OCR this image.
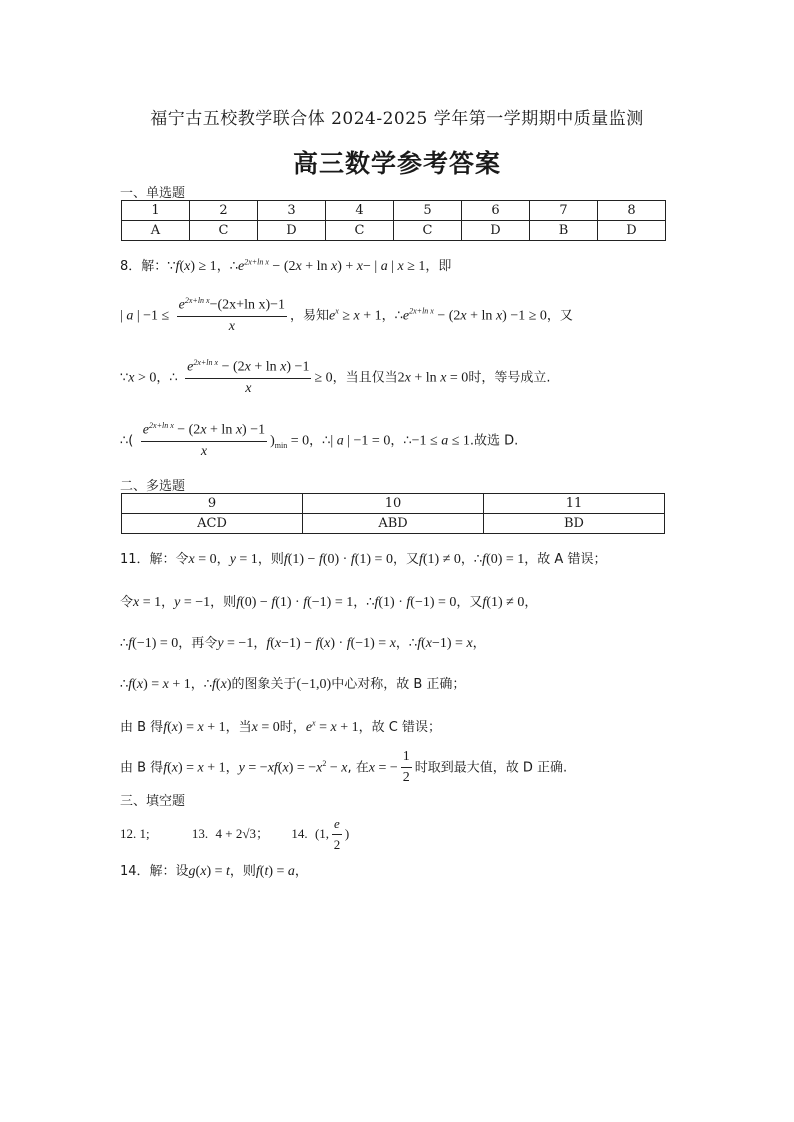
福宁古五校教学联合体 2024-2025 学年第一学期期中质量监测
高三数学参考答案
一、单选题
1	2	3	4	5	6	7	8
A	C	D	C	C	D	B	D
8．解：∵f(x) ≥ 1，$\therefore e^{2x+ln x} - (2x + \ln x) + x-$ | a | x ≥ 1，即
| a | $-1 \le \frac{e^{2x+ln x}-(2x+\ln x)-1}{x}$ ，易知$e^x \ge x + 1$，$\therefore e^{2x+ln x} - (2x + \ln x) -1 \ge 0$，又
∵x > 0，∴ $\frac{e^{2x+ln x} - (2x + \ln x) -1}{x} \ge 0$，当且仅当2x + ln x = 0时，等号成立.
∴( $\frac{e^{2x+ln x} - (2x + \ln x) -1}{x} )_{min} = 0$，∴| a | −1 = 0，∴−1 ≤ a ≤ 1.故选 D.
二、多选题
9	10	11
ACD	ABD	BD
11．解：令x = 0，y = 1，则f(1) − f(0) · f(1) = 0，又f(1) ≠ 0，∴f(0) = 1，故 A 错误；
令x = 1，y = −1，则f(0) − f(1) · f(−1) = 1，∴f(1) · f(−1) = 0，又f(1) ≠ 0，
∴f(−1) = 0，再令y = −1，f(x−1) − f(x) · f(−1) = x，∴f(x−1) = x，
∴f(x) = x + 1，∴f(x)的图象关于(−1,0)中心对称，故 B 正确；
由 B 得f(x) = x + 1，当x = 0时，$e^x = x + 1$，故 C 错误；
由 B 得f(x) = x + 1，$y = -xf(x) = -x^2 - x$, 在x = − $\frac{1}{2}$ 时取到最大值，故 D 正确.
三、填空题
12. 1;	13.  4 + 2√3； 14.  (1, $\frac{e}{2}$ )
14．解：设g(x) = t，则f(t) = a，
